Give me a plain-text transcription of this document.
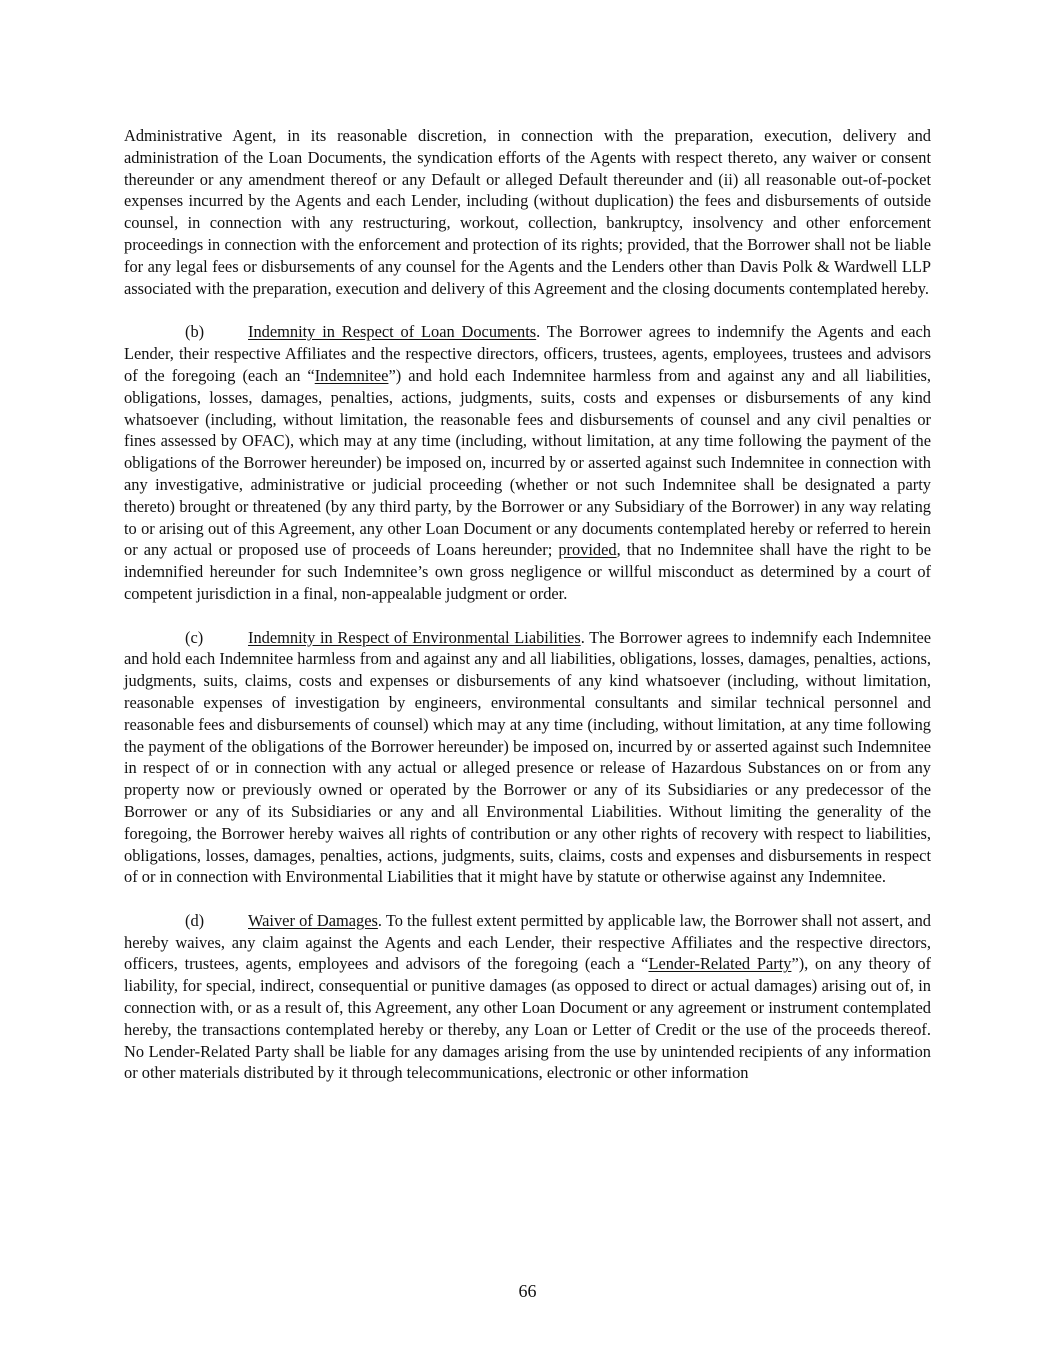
Administrative Agent, in its reasonable discretion, in connection with the preparation, execution, delivery and administration of the Loan Documents, the syndication efforts of the Agents with respect thereto, any waiver or consent thereunder or any amendment thereof or any Default or alleged Default thereunder and (ii) all reasonable out-of-pocket expenses incurred by the Agents and each Lender, including (without duplication) the fees and disbursements of outside counsel, in connection with any restructuring, workout, collection, bankruptcy, insolvency and other enforcement proceedings in connection with the enforcement and protection of its rights; provided, that the Borrower shall not be liable for any legal fees or disbursements of any counsel for the Agents and the Lenders other than Davis Polk & Wardwell LLP associated with the preparation, execution and delivery of this Agreement and the closing documents contemplated hereby.

(b)	Indemnity in Respect of Loan Documents. The Borrower agrees to indemnify the Agents and each Lender, their respective Affiliates and the respective directors, officers, trustees, agents, employees, trustees and advisors of the foregoing (each an “Indemnitee”) and hold each Indemnitee harmless from and against any and all liabilities, obligations, losses, damages, penalties, actions, judgments, suits, costs and expenses or disbursements of any kind whatsoever (including, without limitation, the reasonable fees and disbursements of counsel and any civil penalties or fines assessed by OFAC), which may at any time (including, without limitation, at any time following the payment of the obligations of the Borrower hereunder) be imposed on, incurred by or asserted against such Indemnitee in connection with any investigative, administrative or judicial proceeding (whether or not such Indemnitee shall be designated a party thereto) brought or threatened (by any third party, by the Borrower or any Subsidiary of the Borrower) in any way relating to or arising out of this Agreement, any other Loan Document or any documents contemplated hereby or referred to herein or any actual or proposed use of proceeds of Loans hereunder; provided, that no Indemnitee shall have the right to be indemnified hereunder for such Indemnitee’s own gross negligence or willful misconduct as determined by a court of competent jurisdiction in a final, non-appealable judgment or order.

(c)	Indemnity in Respect of Environmental Liabilities. The Borrower agrees to indemnify each Indemnitee and hold each Indemnitee harmless from and against any and all liabilities, obligations, losses, damages, penalties, actions, judgments, suits, claims, costs and expenses or disbursements of any kind whatsoever (including, without limitation, reasonable expenses of investigation by engineers, environmental consultants and similar technical personnel and reasonable fees and disbursements of counsel) which may at any time (including, without limitation, at any time following the payment of the obligations of the Borrower hereunder) be imposed on, incurred by or asserted against such Indemnitee in respect of or in connection with any actual or alleged presence or release of Hazardous Substances on or from any property now or previously owned or operated by the Borrower or any of its Subsidiaries or any predecessor of the Borrower or any of its Subsidiaries or any and all Environmental Liabilities. Without limiting the generality of the foregoing, the Borrower hereby waives all rights of contribution or any other rights of recovery with respect to liabilities, obligations, losses, damages, penalties, actions, judgments, suits, claims, costs and expenses and disbursements in respect of or in connection with Environmental Liabilities that it might have by statute or otherwise against any Indemnitee.

(d)	Waiver of Damages. To the fullest extent permitted by applicable law, the Borrower shall not assert, and hereby waives, any claim against the Agents and each Lender, their respective Affiliates and the respective directors, officers, trustees, agents, employees and advisors of the foregoing (each a “Lender-Related Party”), on any theory of liability, for special, indirect, consequential or punitive damages (as opposed to direct or actual damages) arising out of, in connection with, or as a result of, this Agreement, any other Loan Document or any agreement or instrument contemplated hereby, the transactions contemplated hereby or thereby, any Loan or Letter of Credit or the use of the proceeds thereof. No Lender-Related Party shall be liable for any damages arising from the use by unintended recipients of any information or other materials distributed by it through telecommunications, electronic or other information

66
